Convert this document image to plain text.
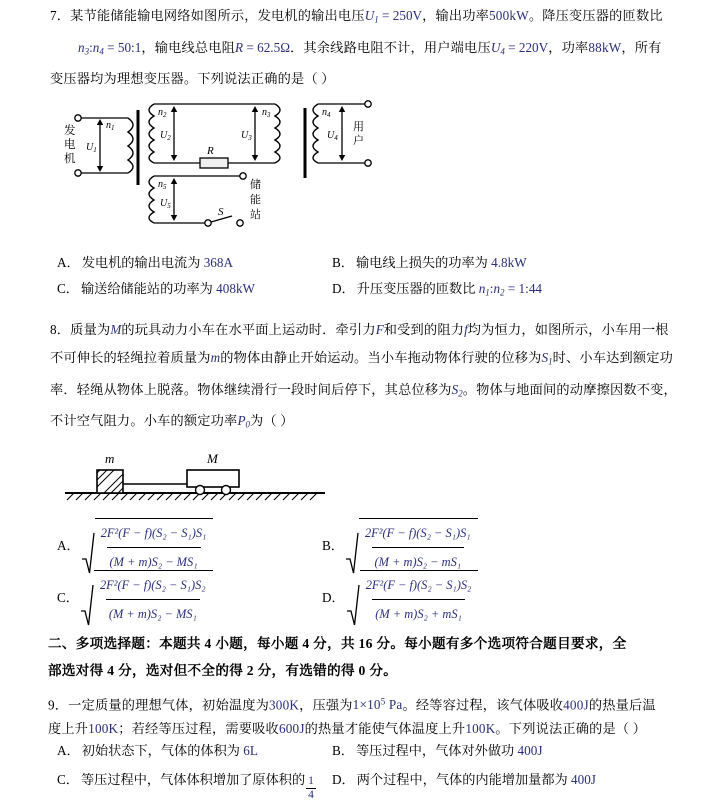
7．某节能储能输电网络如图所示，发电机的输出电压$U_1 = 250V$，输出功率500kW。降压变压器的匝数比
$n_3:n_4$ = 50:1，输电线总电阻R = 62.5Ω．其余线路电阻不计，用户端电压$U_4 = 220V$，功率88kW，所有
变压器均为理想变压器。下列说法正确的是（ ）
发
电
机
$n_1$
$U_1$
$n_2$
$U_2$
$n_3$
$U_3$
R
$n_5$
$U_5$	S
储
能
站
$n_4$
$U_4$
用
户
A． 发电机的输出电流为
368A	B． 输电线上损失的功率为
4.8kW
C． 输送给储能站的功率为
408kW	D． 升压变压器的匝数比 $n_1:n_2$ = 1:44
8．质量为M的玩具动力小车在水平面上运动时．牵引力F和受到的阻力f均为恒力，如图所示，小车用一根
不可伸长的轻绳拉着质量为m的物体由静止开始运动。当小车拖动物体行驶的位移为$S_1$时、小车达到额定功
率．轻绳从物体上脱落。物体继续滑行一段时间后停下，其总位移为$S_2$。物体与地面间的动摩擦因数不变，
不计空气阻力。小车的额定功率$P_0$为（ ）
m	M
A． $\frac{\text{2F²(F − f)(S₂ − S₁)S₁}}{\text{(M + m)S₂ − MS₁}}$	B． $\frac{\text{2F²(F − f)(S₂ − S₁)S₁}}{\text{(M + m)S₂ − mS₁}}$
C． $\frac{\text{2F²(F − f)(S₂ − S₁)S₂}}{\text{(M + m)S₂ − MS₁}}$	D． $\frac{\text{2F²(F − f)(S₂ − S₁)S₂}}{\text{(M + m)S₂ + mS₁}}$
二、多项选择题：本题共 4 小题，每小题 4 分，共 16 分。每小题有多个选项符合题目要求，全
部选对得 4 分，选对但不全的得 2 分，有选错的得 0 分。
9．一定质量的理想气体，初始温度为300K，压强为$1\times 10^5$ Pa。经等容过程，该气体吸收400J的热量后温
度上升100K；若经等压过程，需要吸收600J的热量才能使气体温度上升100K。下列说法正确的是（ ）
A． 初始状态下，气体的体积为
6L	B． 等压过程中，气体对外做功
400J
C． 等压过程中，气体体积增加了原体积的 $\frac{1}{4}$ D． 两个过程中，气体的内能增加量都为
400J
